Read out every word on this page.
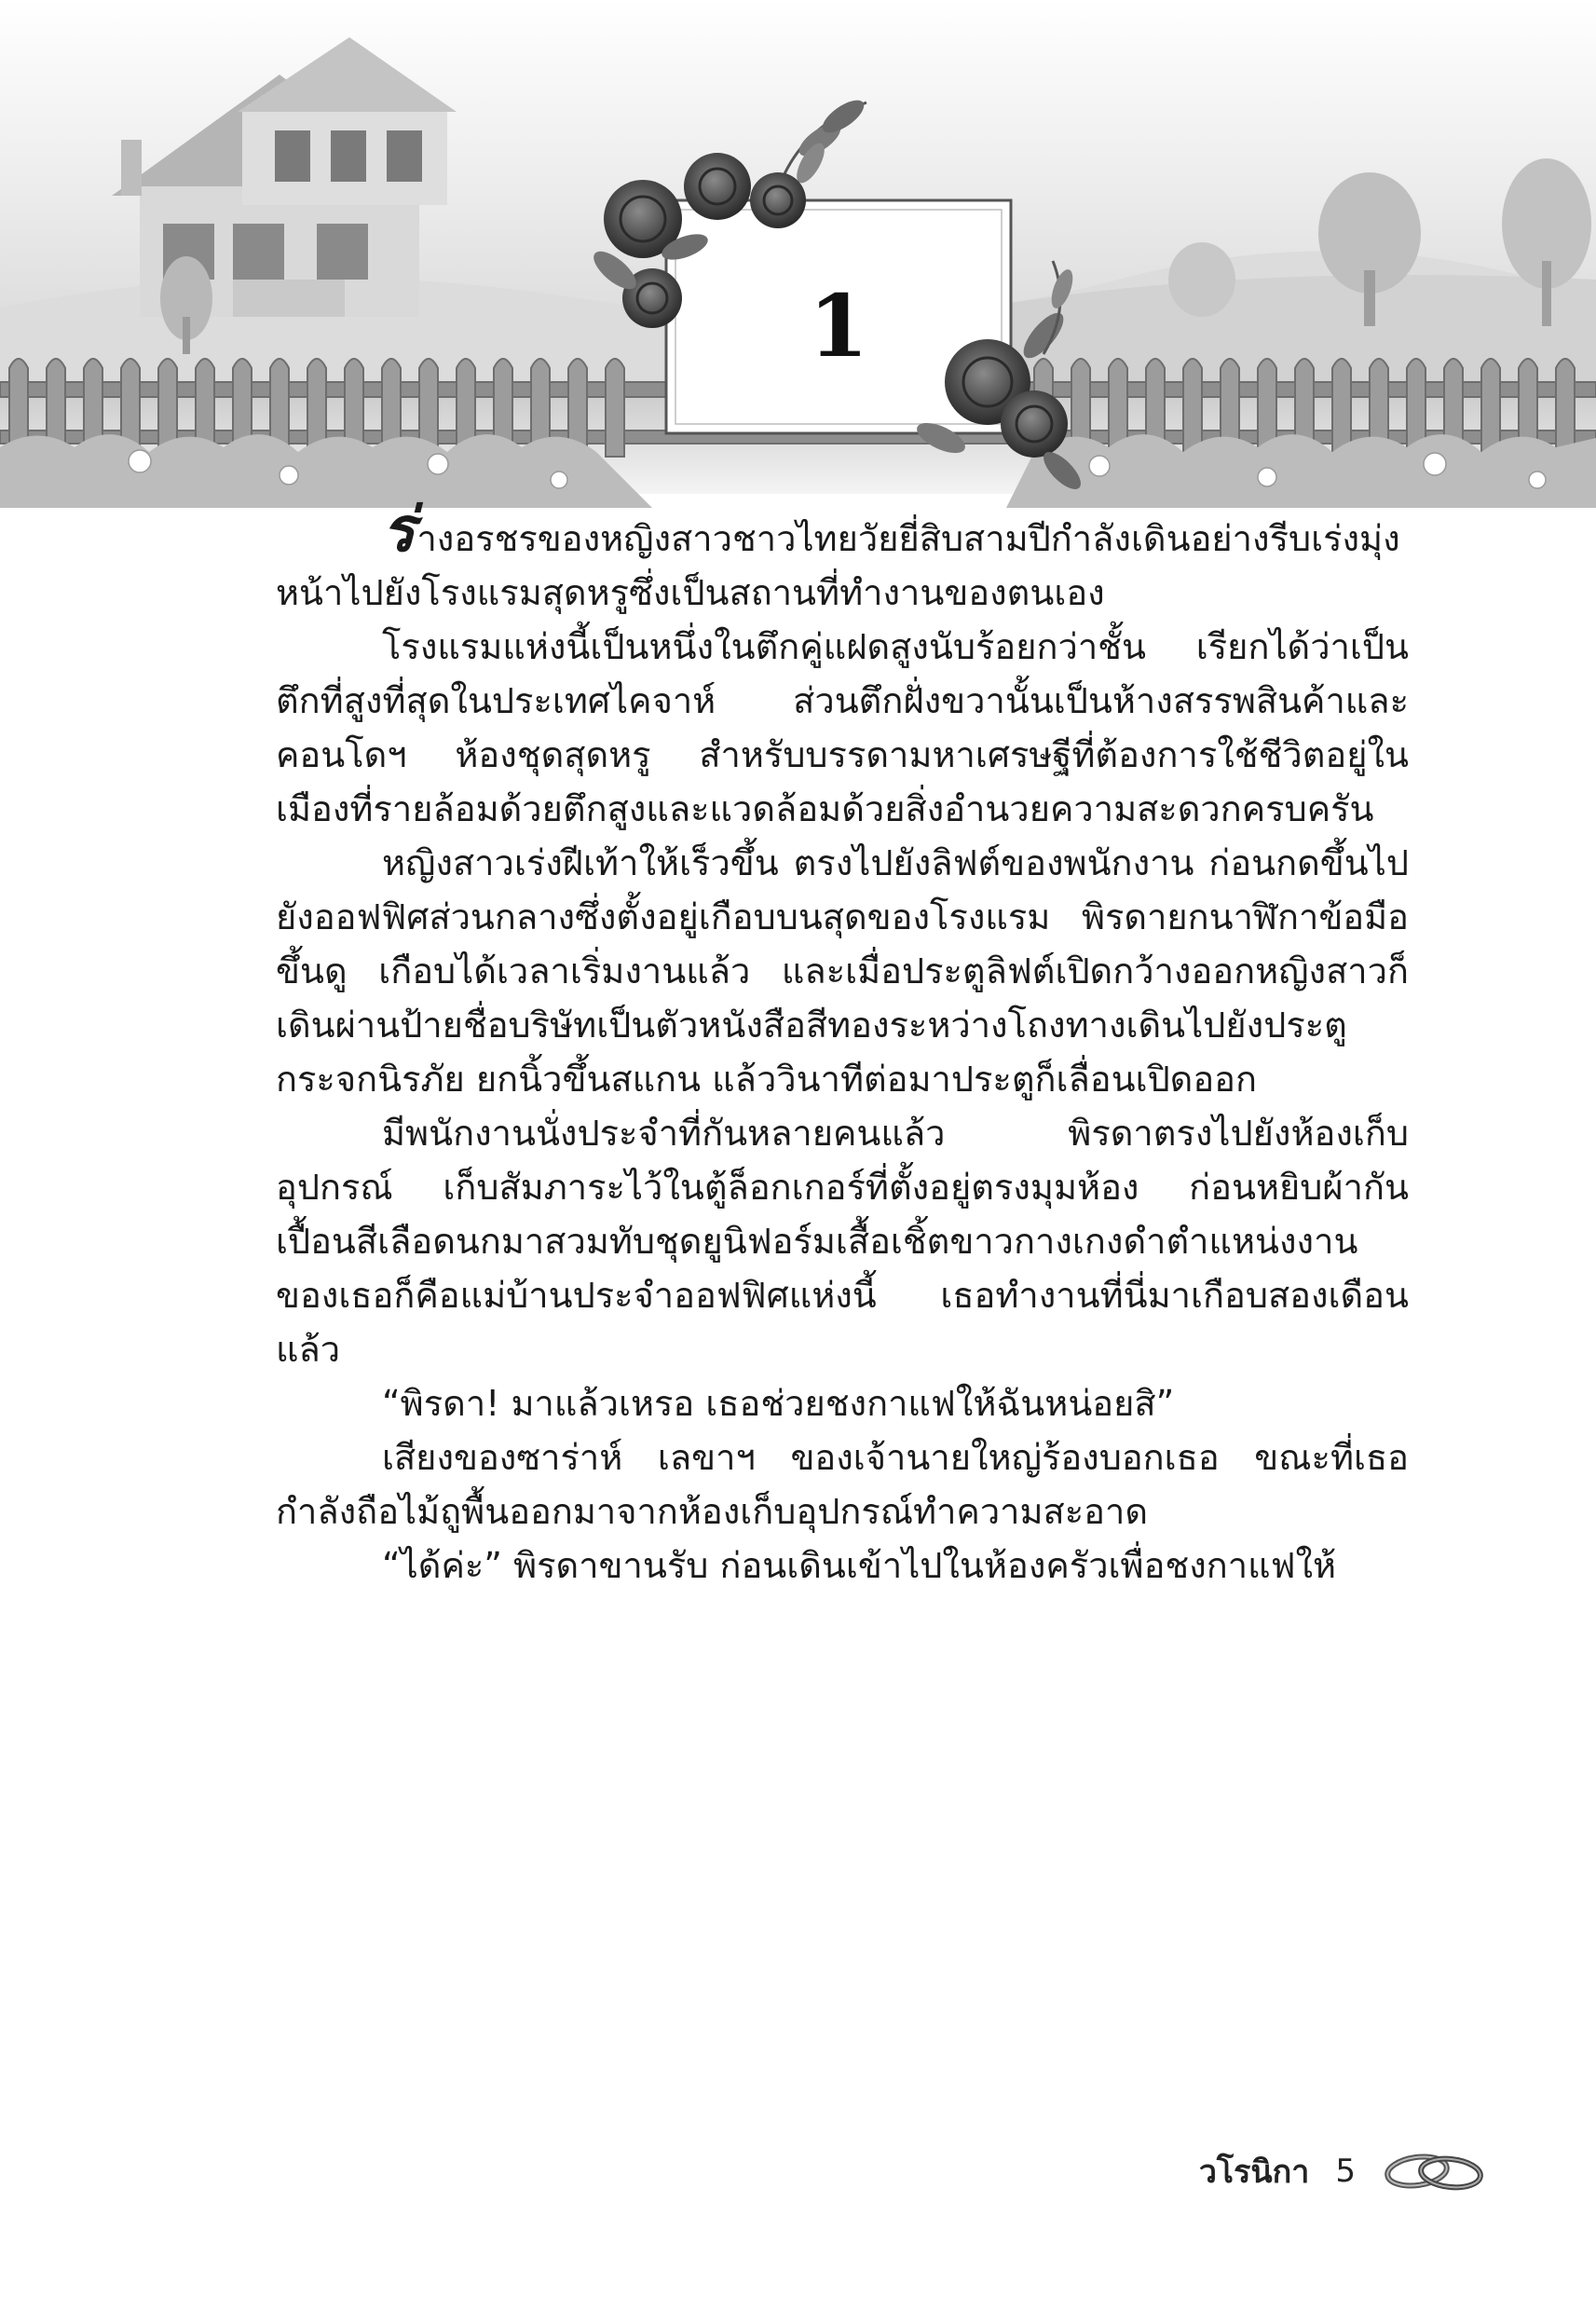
1

ร่างอรชรของหญิงสาวชาวไทยวัยยี่สิบสามปีกำลังเดินอย่างรีบเร่งมุ่งหน้าไปยังโรงแรมสุดหรูซึ่งเป็นสถานที่ทำงานของตนเอง

โรงแรมแห่งนี้เป็นหนึ่งในตึกคู่แฝดสูงนับร้อยกว่าชั้น เรียกได้ว่าเป็นตึกที่สูงที่สุดในประเทศไคจาห์ ส่วนตึกฝั่งขวานั้นเป็นห้างสรรพสินค้าและคอนโดฯ ห้องชุดสุดหรู สำหรับบรรดามหาเศรษฐีที่ต้องการใช้ชีวิตอยู่ในเมืองที่รายล้อมด้วยตึกสูงและแวดล้อมด้วยสิ่งอำนวยความสะดวกครบครัน

หญิงสาวเร่งฝีเท้าให้เร็วขึ้น ตรงไปยังลิฟต์ของพนักงาน ก่อนกดขึ้นไปยังออฟฟิศส่วนกลางซึ่งตั้งอยู่เกือบบนสุดของโรงแรม พิรดายกนาฬิกาข้อมือขึ้นดู เกือบได้เวลาเริ่มงานแล้ว และเมื่อประตูลิฟต์เปิดกว้างออกหญิงสาวก็เดินผ่านป้ายชื่อบริษัทเป็นตัวหนังสือสีทองระหว่างโถงทางเดินไปยังประตูกระจกนิรภัย ยกนิ้วขึ้นสแกน แล้ววินาทีต่อมาประตูก็เลื่อนเปิดออก

มีพนักงานนั่งประจำที่กันหลายคนแล้ว พิรดาตรงไปยังห้องเก็บอุปกรณ์ เก็บสัมภาระไว้ในตู้ล็อกเกอร์ที่ตั้งอยู่ตรงมุมห้อง ก่อนหยิบผ้ากันเปื้อนสีเลือดนกมาสวมทับชุดยูนิฟอร์มเสื้อเชิ้ตขาวกางเกงดำตำแหน่งงานของเธอก็คือแม่บ้านประจำออฟฟิศแห่งนี้ เธอทำงานที่นี่มาเกือบสองเดือนแล้ว

“พิรดา! มาแล้วเหรอ เธอช่วยชงกาแฟให้ฉันหน่อยสิ”

เสียงของซาร่าห์ เลขาฯ ของเจ้านายใหญ่ร้องบอกเธอ ขณะที่เธอกำลังถือไม้ถูพื้นออกมาจากห้องเก็บอุปกรณ์ทำความสะอาด

“ได้ค่ะ” พิรดาขานรับ ก่อนเดินเข้าไปในห้องครัวเพื่อชงกาแฟให้

วโรนิกา 5
